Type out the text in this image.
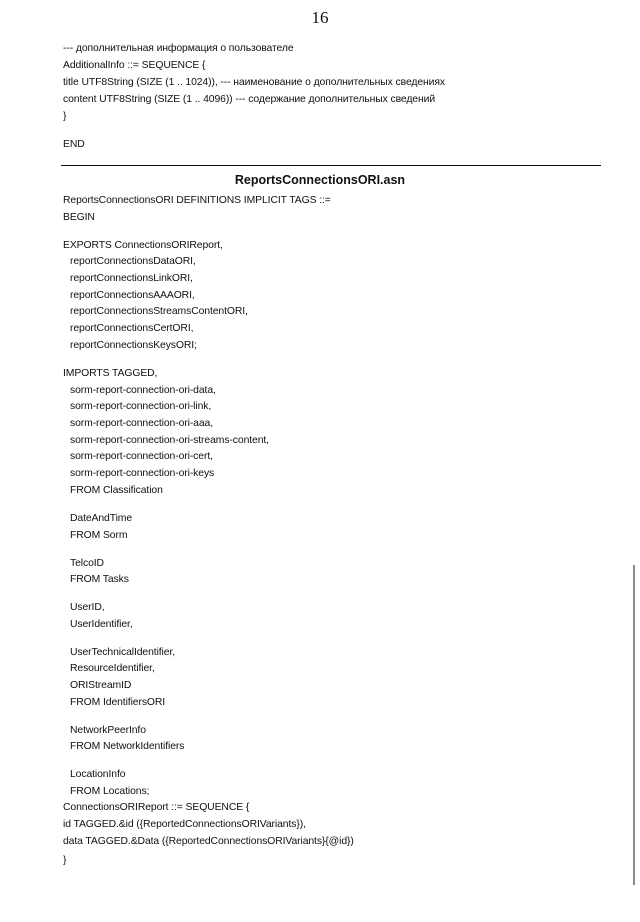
16
--- дополнительная информация о пользователе
AdditionalInfo ::= SEQUENCE {
title UTF8String (SIZE (1 .. 1024)), --- наименование о дополнительных сведениях
content UTF8String (SIZE (1 .. 4096)) --- содержание дополнительных сведений
}
END
ReportsConnectionsORI.asn
ReportsConnectionsORI DEFINITIONS IMPLICIT TAGS ::=
BEGIN
EXPORTS ConnectionsORIReport,
reportConnectionsDataORI,
reportConnectionsLinkORI,
reportConnectionsAAAORI,
reportConnectionsStreamsContentORI,
reportConnectionsCertORI,
reportConnectionsKeysORI;
IMPORTS TAGGED,
sorm-report-connection-ori-data,
sorm-report-connection-ori-link,
sorm-report-connection-ori-aaa,
sorm-report-connection-ori-streams-content,
sorm-report-connection-ori-cert,
sorm-report-connection-ori-keys
FROM Classification
DateAndTime
FROM Sorm
TelcoID
FROM Tasks
UserID,
UserIdentifier,
UserTechnicalIdentifier,
ResourceIdentifier,
ORIStreamID
FROM IdentifiersORI
NetworkPeerInfo
FROM NetworkIdentifiers
LocationInfo
FROM Locations;
ConnectionsORIReport ::= SEQUENCE {
id TAGGED.&id ({ReportedConnectionsORIVariants}),
data TAGGED.&Data ({ReportedConnectionsORIVariants}{@id})
}
